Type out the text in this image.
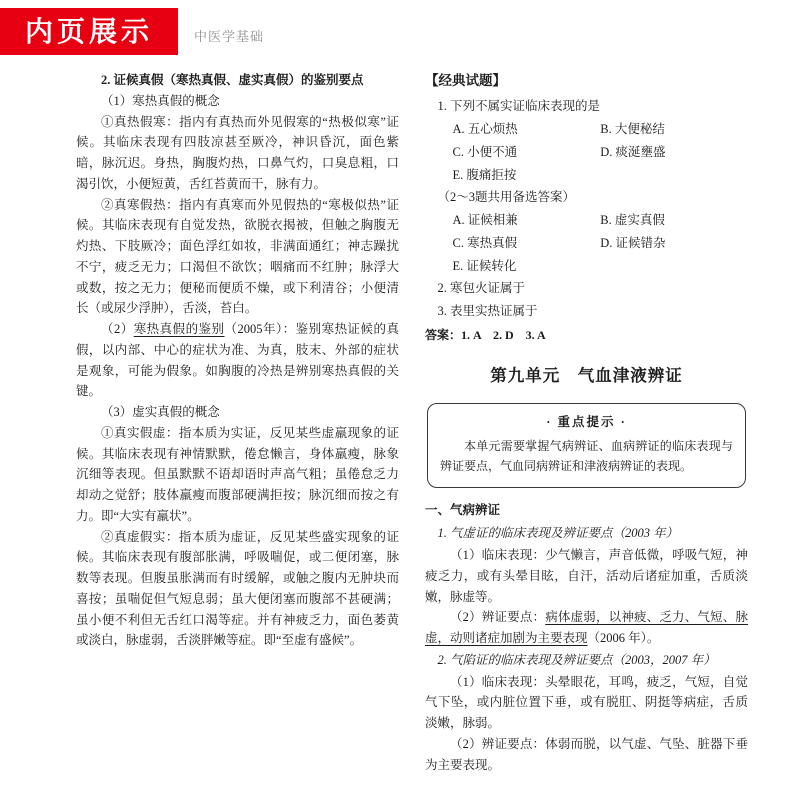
内页展示	中医学基础

2. 证候真假（寒热真假、虚实真假）的鉴别要点

（1）寒热真假的概念

①真热假寒：指内有真热而外见假寒的“热极似寒”证候。其临床表现有四肢凉甚至厥冷，神识昏沉，面色紫暗，脉沉迟。身热，胸腹灼热，口鼻气灼，口臭息粗，口渴引饮，小便短黄，舌红苔黄而干，脉有力。

②真寒假热：指内有真寒而外见假热的“寒极似热”证候。其临床表现有自觉发热，欲脱衣揭被，但触之胸腹无灼热、下肢厥冷；面色浮红如妆，非满面通红；神志躁扰不宁，疲乏无力；口渴但不欲饮；咽痛而不红肿；脉浮大或数，按之无力；便秘而便质不燥，或下利清谷；小便清长（或尿少浮肿），舌淡，苔白。

（2）寒热真假的鉴别（2005年）：鉴别寒热证候的真假，以内部、中心的症状为准、为真，肢末、外部的症状是观象，可能为假象。如胸腹的冷热是辨别寒热真假的关键。

（3）虚实真假的概念

①真实假虚：指本质为实证，反见某些虚羸现象的证候。其临床表现有神情默默，倦怠懒言，身体羸瘦，脉象沉细等表现。但虽默默不语却语时声高气粗；虽倦怠乏力却动之觉舒；肢体羸瘦而腹部硬满拒按；脉沉细而按之有力。即“大实有羸状”。

②真虚假实：指本质为虚证，反见某些盛实现象的证候。其临床表现有腹部胀满，呼吸喘促，或二便闭塞，脉数等表现。但腹虽胀满而有时缓解，或触之腹内无肿块而喜按；虽喘促但气短息弱；虽大便闭塞而腹部不甚硬满；虽小便不利但无舌红口渴等症。并有神疲乏力，面色萎黄或淡白，脉虚弱，舌淡胖嫩等症。即“至虚有盛候”。

【经典试题】

1. 下列不属实证临床表现的是

A. 五心烦热	B. 大便秘结
C. 小便不通	D. 痰涎壅盛
E. 腹痛拒按

（2～3题共用备选答案）

A. 证候相兼	B. 虚实真假
C. 寒热真假	D. 证候错杂
E. 证候转化

2. 寒包火证属于

3. 表里实热证属于

答案：1. A　2. D　3. A

第九单元　气血津液辨证
· 重点提示 ·

本单元需要掌握气病辨证、血病辨证的临床表现与辨证要点，气血同病辨证和津液病辨证的表现。

一、气病辨证

1. 气虚证的临床表现及辨证要点（2003 年）

（1）临床表现：少气懒言，声音低微，呼吸气短，神疲乏力，或有头晕目眩，自汗，活动后诸症加重，舌质淡嫩，脉虚等。

（2）辨证要点：病体虚弱，以神疲、乏力、气短、脉虚，动则诸症加剧为主要表现（2006 年）。

2. 气陷证的临床表现及辨证要点（2003，2007 年）

（1）临床表现：头晕眼花，耳鸣，疲乏，气短，自觉气下坠，或内脏位置下垂，或有脱肛、阴挺等病症，舌质淡嫩，脉弱。

（2）辨证要点：体弱而脱，以气虚、气坠、脏器下垂为主要表现。
